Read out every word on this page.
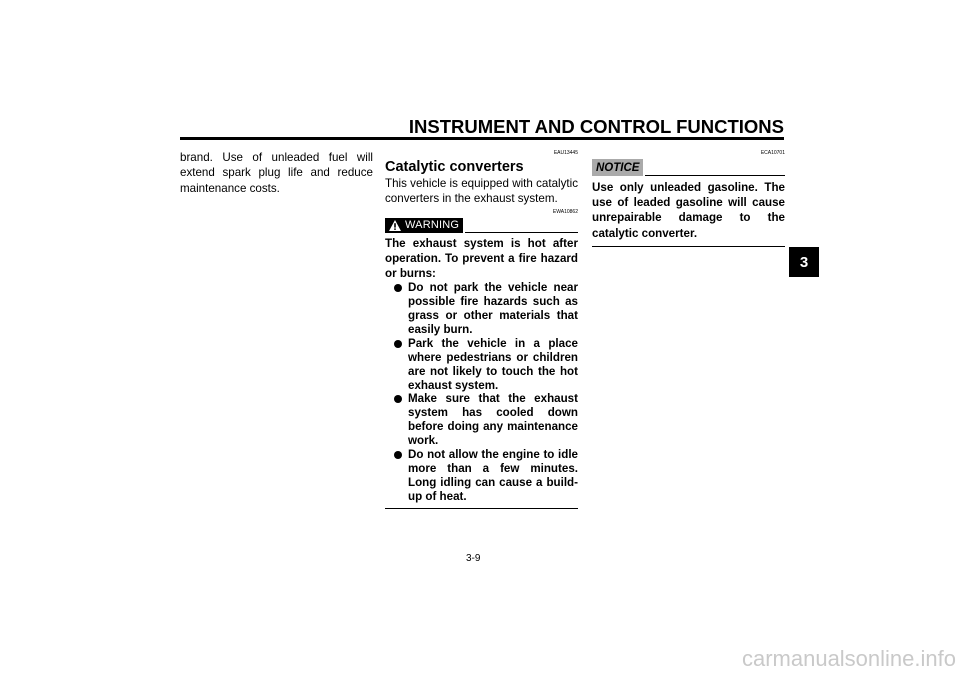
INSTRUMENT AND CONTROL FUNCTIONS
3

brand. Use of unleaded fuel will extend spark plug life and reduce maintenance costs.

EAU13445

Catalytic converters

This vehicle is equipped with catalytic converters in the exhaust system.

EWA10862

WARNING

The exhaust system is hot after operation. To prevent a fire hazard or burns:

Do not park the vehicle near possible fire hazards such as grass or other materials that easily burn.
Park the vehicle in a place where pedestrians or children are not likely to touch the hot exhaust system.
Make sure that the exhaust system has cooled down before doing any maintenance work.
Do not allow the engine to idle more than a few minutes. Long idling can cause a build-up of heat.

ECA10701

NOTICE

Use only unleaded gasoline. The use of leaded gasoline will cause unrepairable damage to the catalytic converter.

3-9
carmanualsonline.info
